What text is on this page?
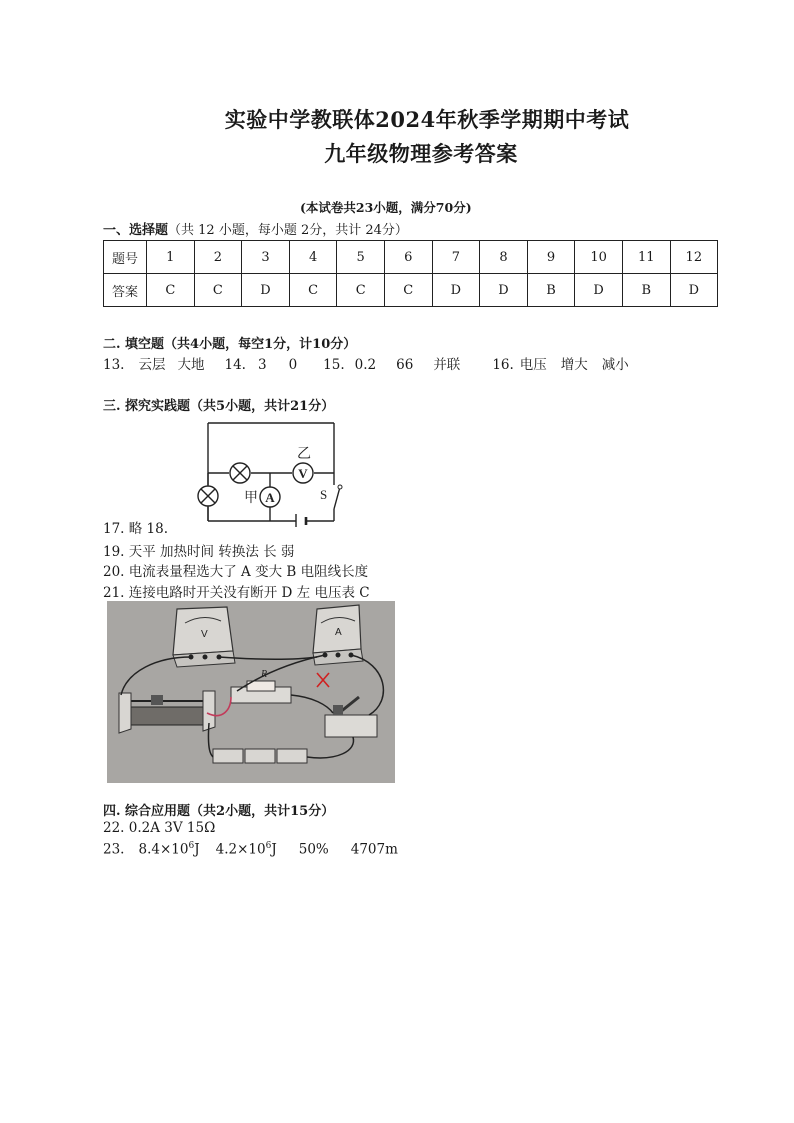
实验中学教联体2024年秋季学期期中考试
九年级物理参考答案
(本试卷共23小题，满分70分)
一、选择题（共 12 小题，每小题 2分，共计 24分）
题号	1	2	3	4	5	6	7	8	9	10	11	12
答案	C	C	D	C	C	C	D	D	B	D	B	D
二. 填空题（共4小题，每空1分，计10分）
13. 云层 大地 14. 3 0 15. 0.2 66 并联 16. 电压 增大 减小
三. 探究实践题（共5小题，共计21分）
V
乙
A
甲	S
17. 略 18.
19. 天平 加热时间 转换法 长 弱
20. 电流表量程选大了 A 变大 B 电阻线长度
21. 连接电路时开关没有断开 D 左 电压表 C
V	A
R
四. 综合应用题（共2小题，共计15分）
22. 0.2A 3V 15Ω
23. $8.4\times 10^6J$ $4.2\times 10^6J$ 50% 4707m
